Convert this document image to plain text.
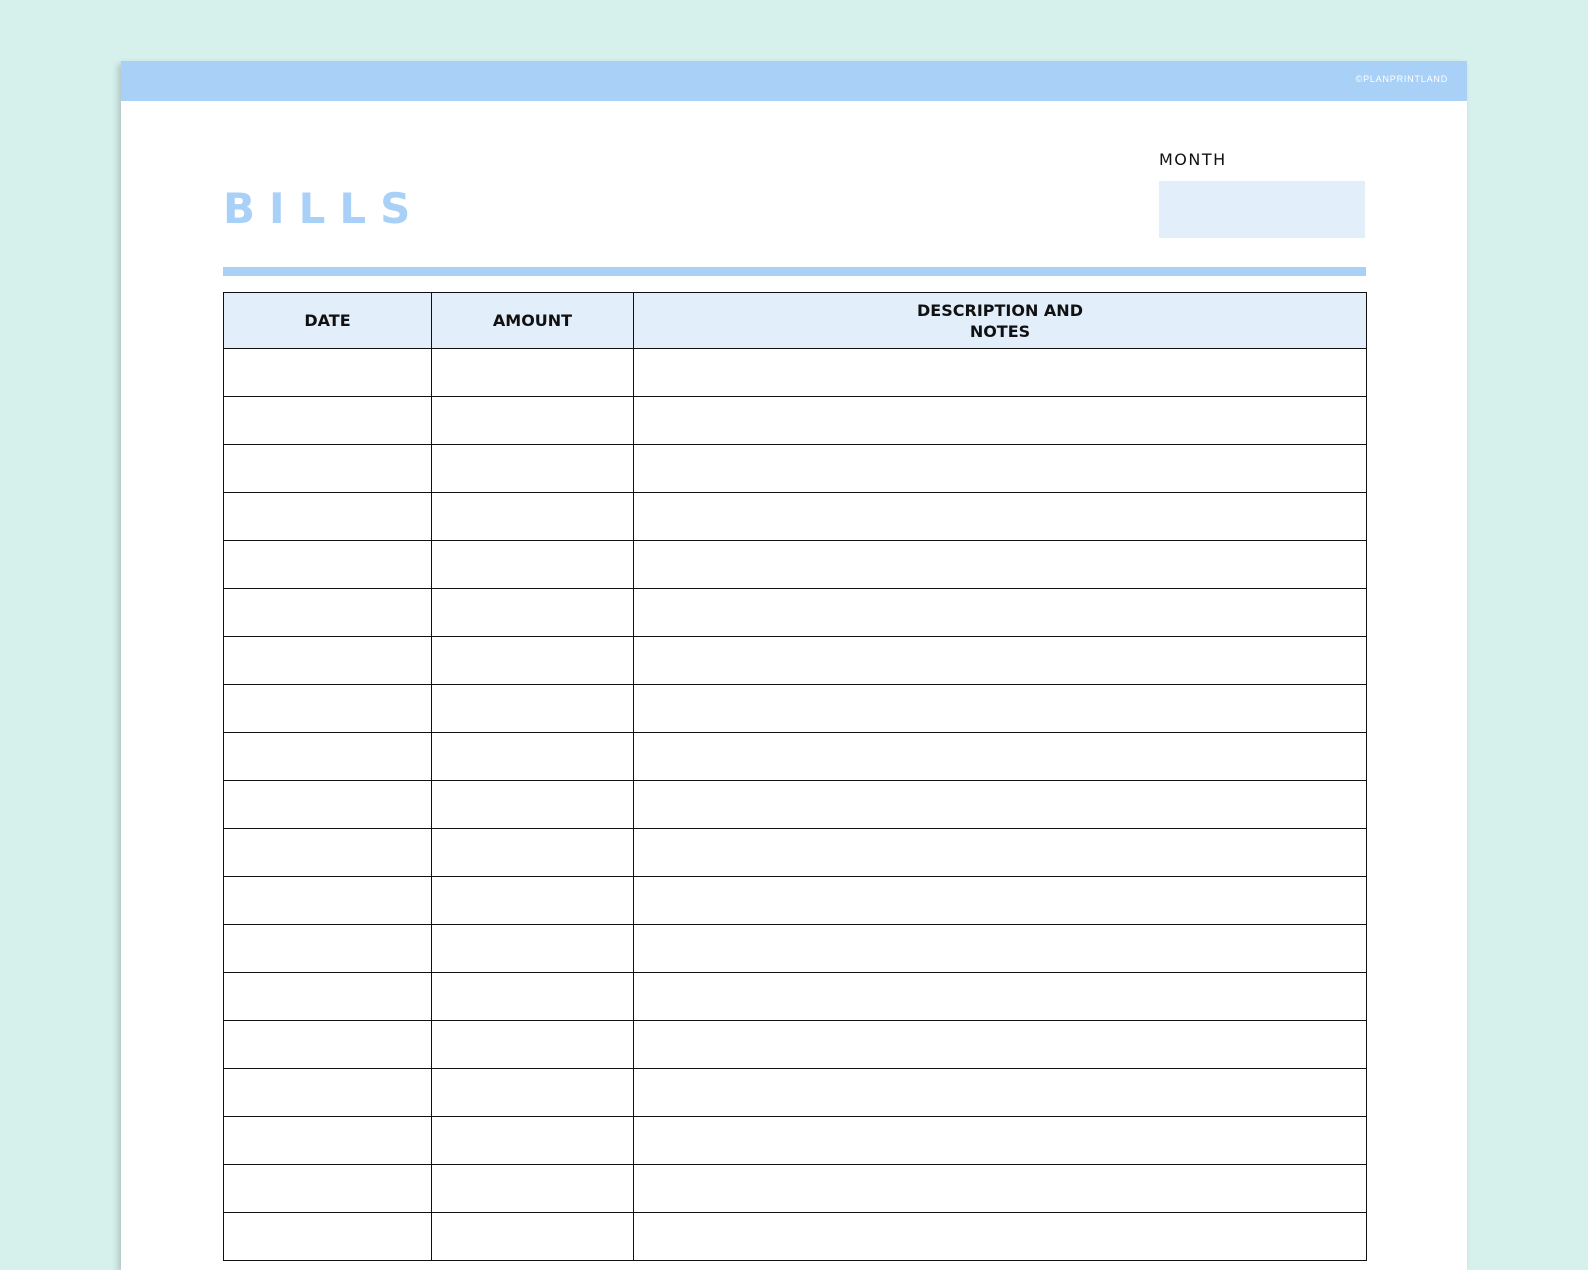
©PLANPRINTLAND
BILLS
MONTH
DATE	AMOUNT	DESCRIPTION AND
NOTES
